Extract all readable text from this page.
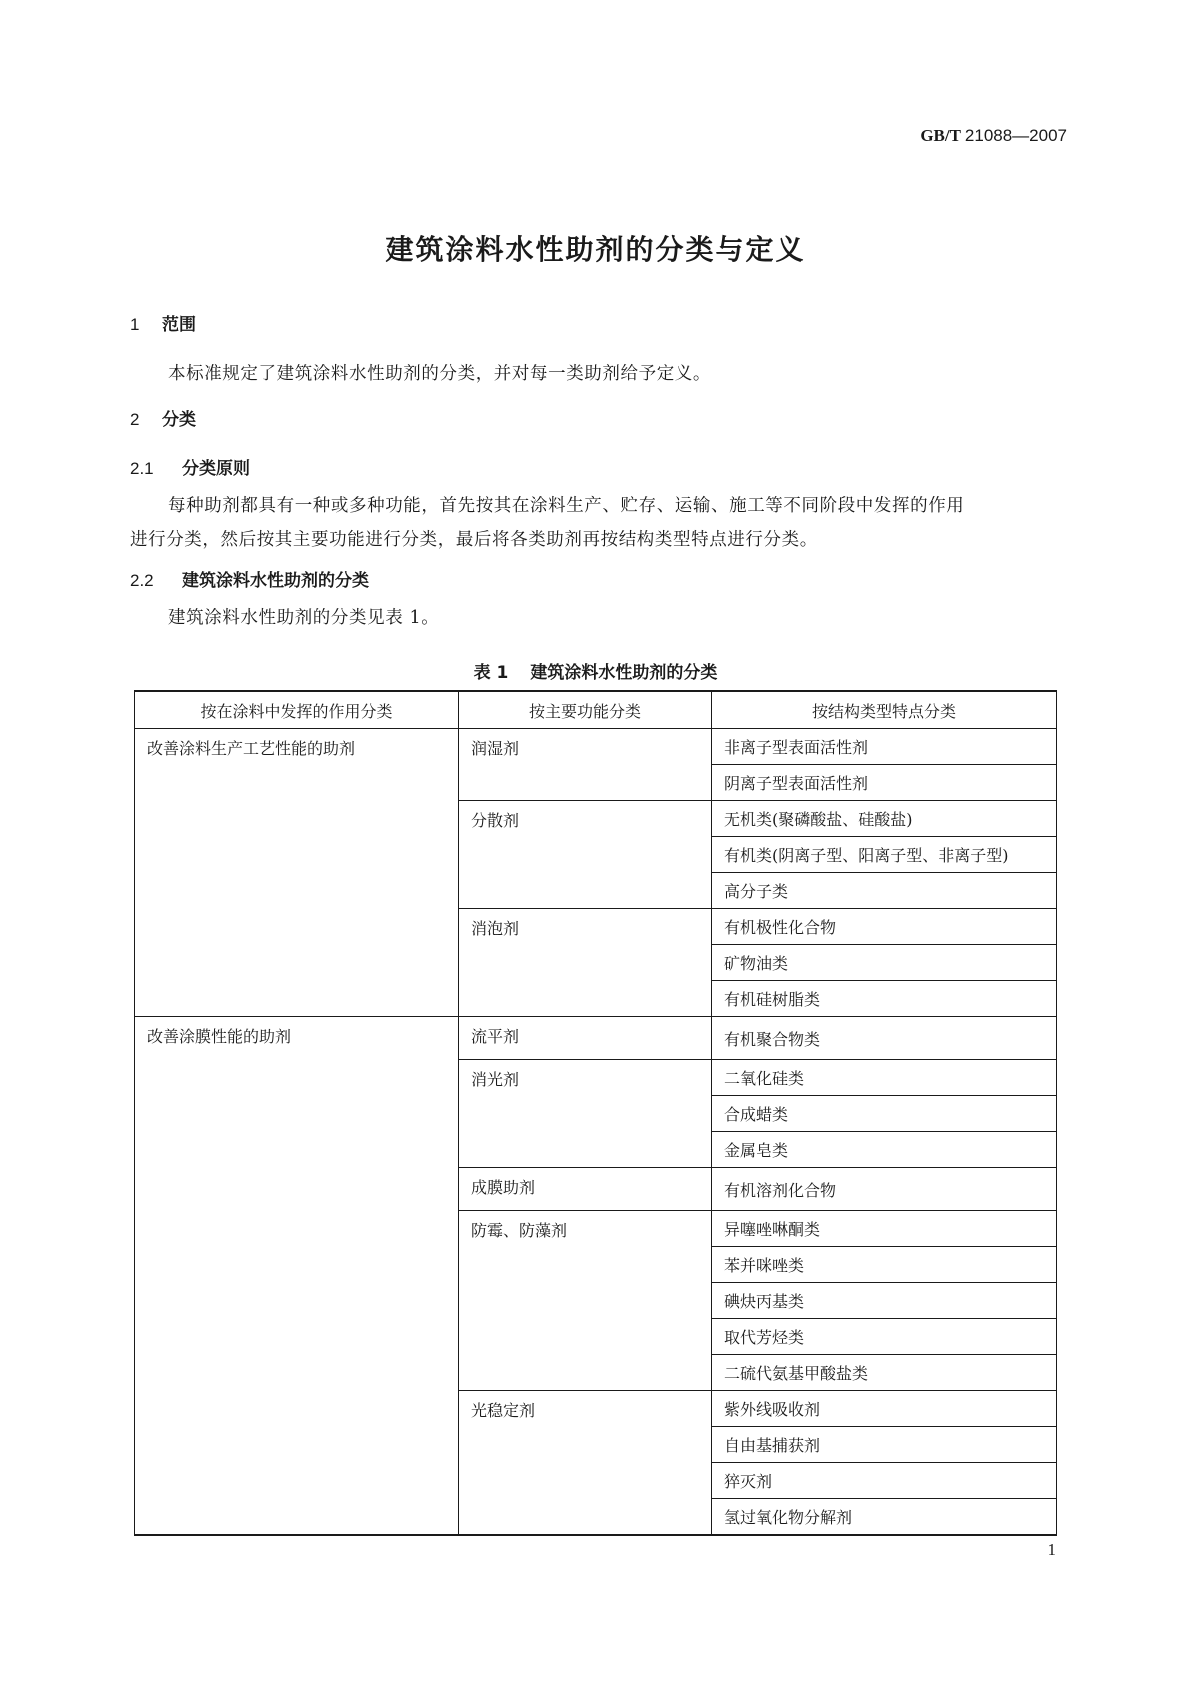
GB/T 21088—2007
建筑涂料水性助剂的分类与定义
1 范围
本标准规定了建筑涂料水性助剂的分类，并对每一类助剂给予定义。
2 分类
2.1 分类原则
每种助剂都具有一种或多种功能，首先按其在涂料生产、贮存、运输、施工等不同阶段中发挥的作用
进行分类，然后按其主要功能进行分类，最后将各类助剂再按结构类型特点进行分类。
2.2 建筑涂料水性助剂的分类
建筑涂料水性助剂的分类见表 1。
表 1 建筑涂料水性助剂的分类
按在涂料中发挥的作用分类	按主要功能分类	按结构类型特点分类
改善涂料生产工艺性能的助剂	润湿剂	非离子型表面活性剂
		阴离子型表面活性剂
	分散剂	无机类(聚磷酸盐、硅酸盐)
		有机类(阴离子型、阳离子型、非离子型)
		高分子类
	消泡剂	有机极性化合物
		矿物油类
		有机硅树脂类
改善涂膜性能的助剂	流平剂	有机聚合物类
	消光剂	二氧化硅类
		合成蜡类
		金属皂类
	成膜助剂	有机溶剂化合物
	防霉、防藻剂	异噻唑啉酮类
		苯并咪唑类
		碘炔丙基类
		取代芳烃类
		二硫代氨基甲酸盐类
	光稳定剂	紫外线吸收剂
		自由基捕获剂
		猝灭剂
		氢过氧化物分解剂
1
